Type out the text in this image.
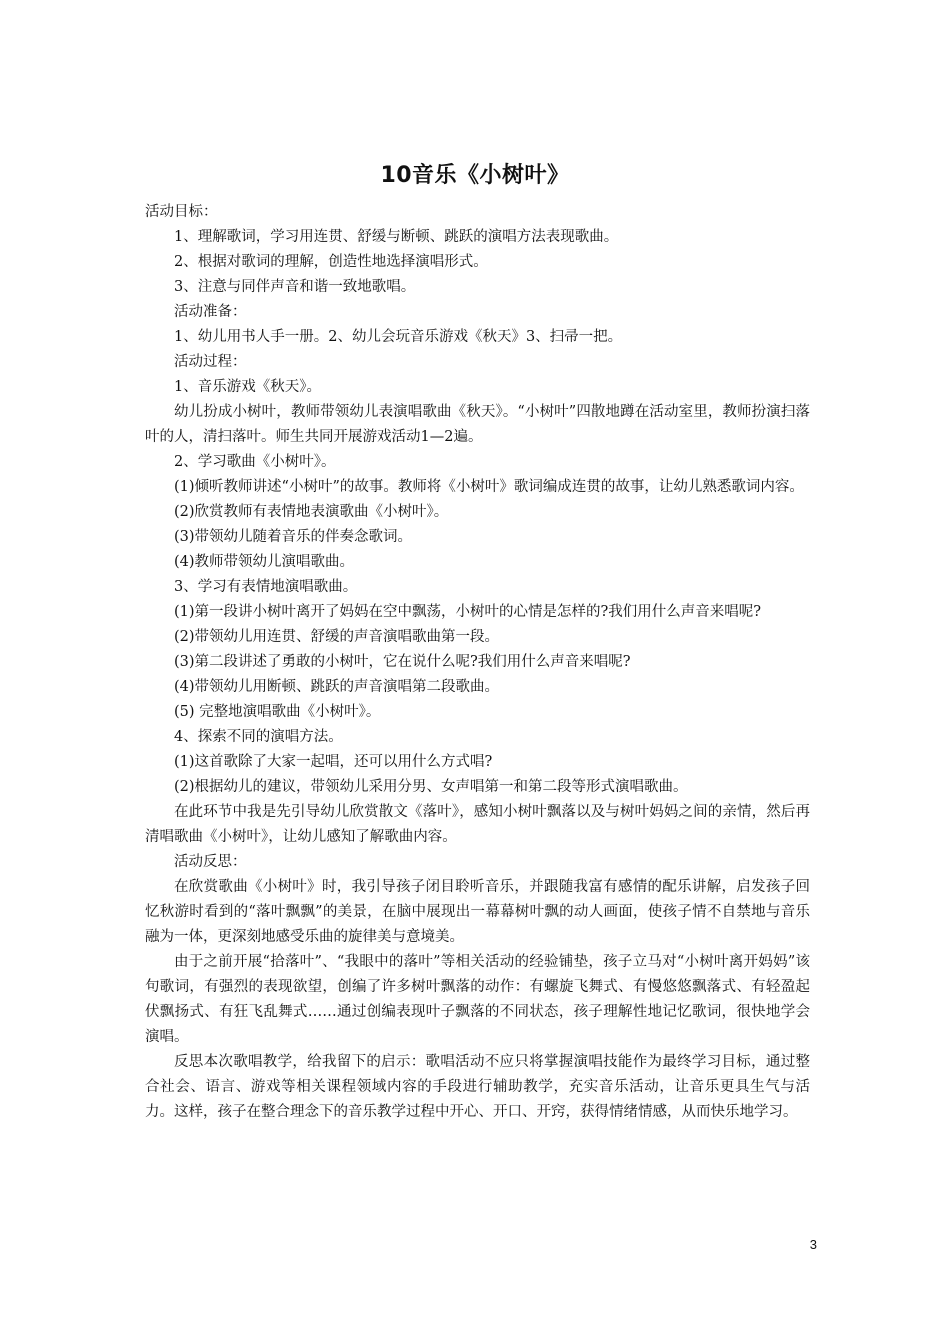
10音乐《小树叶》

活动目标：

1、理解歌词，学习用连贯、舒缓与断顿、跳跃的演唱方法表现歌曲。

2、根据对歌词的理解，创造性地选择演唱形式。

3、注意与同伴声音和谐一致地歌唱。

活动准备：

1、幼儿用书人手一册。2、幼儿会玩音乐游戏《秋天》3、扫帚一把。

活动过程：

1、音乐游戏《秋天》。

幼儿扮成小树叶，教师带领幼儿表演唱歌曲《秋天》。“小树叶”四散地蹲在活动室里，教师扮演扫落叶的人，清扫落叶。师生共同开展游戏活动1—2遍。

2、学习歌曲《小树叶》。

(1)倾听教师讲述“小树叶”的故事。教师将《小树叶》歌词编成连贯的故事，让幼儿熟悉歌词内容。

(2)欣赏教师有表情地表演歌曲《小树叶》。

(3)带领幼儿随着音乐的伴奏念歌词。

(4)教师带领幼儿演唱歌曲。

3、学习有表情地演唱歌曲。

(1)第一段讲小树叶离开了妈妈在空中飘荡，小树叶的心情是怎样的?我们用什么声音来唱呢?

(2)带领幼儿用连贯、舒缓的声音演唱歌曲第一段。

(3)第二段讲述了勇敢的小树叶，它在说什么呢?我们用什么声音来唱呢?

(4)带领幼儿用断顿、跳跃的声音演唱第二段歌曲。

(5) 完整地演唱歌曲《小树叶》。

4、探索不同的演唱方法。

(1)这首歌除了大家一起唱，还可以用什么方式唱?

(2)根据幼儿的建议，带领幼儿采用分男、女声唱第一和第二段等形式演唱歌曲。

在此环节中我是先引导幼儿欣赏散文《落叶》，感知小树叶飘落以及与树叶妈妈之间的亲情，然后再清唱歌曲《小树叶》，让幼儿感知了解歌曲内容。

活动反思：

在欣赏歌曲《小树叶》时，我引导孩子闭目聆听音乐，并跟随我富有感情的配乐讲解，启发孩子回忆秋游时看到的“落叶飘飘”的美景，在脑中展现出一幕幕树叶飘的动人画面，使孩子情不自禁地与音乐融为一体，更深刻地感受乐曲的旋律美与意境美。

由于之前开展“拾落叶”、“我眼中的落叶”等相关活动的经验铺垫，孩子立马对“小树叶离开妈妈”该句歌词，有强烈的表现欲望，创编了许多树叶飘落的动作：有螺旋飞舞式、有慢悠悠飘落式、有轻盈起伏飘扬式、有狂飞乱舞式……通过创编表现叶子飘落的不同状态，孩子理解性地记忆歌词，很快地学会演唱。

反思本次歌唱教学，给我留下的启示：歌唱活动不应只将掌握演唱技能作为最终学习目标，通过整合社会、语言、游戏等相关课程领域内容的手段进行辅助教学，充实音乐活动，让音乐更具生气与活力。这样，孩子在整合理念下的音乐教学过程中开心、开口、开窍，获得情绪情感，从而快乐地学习。

3
